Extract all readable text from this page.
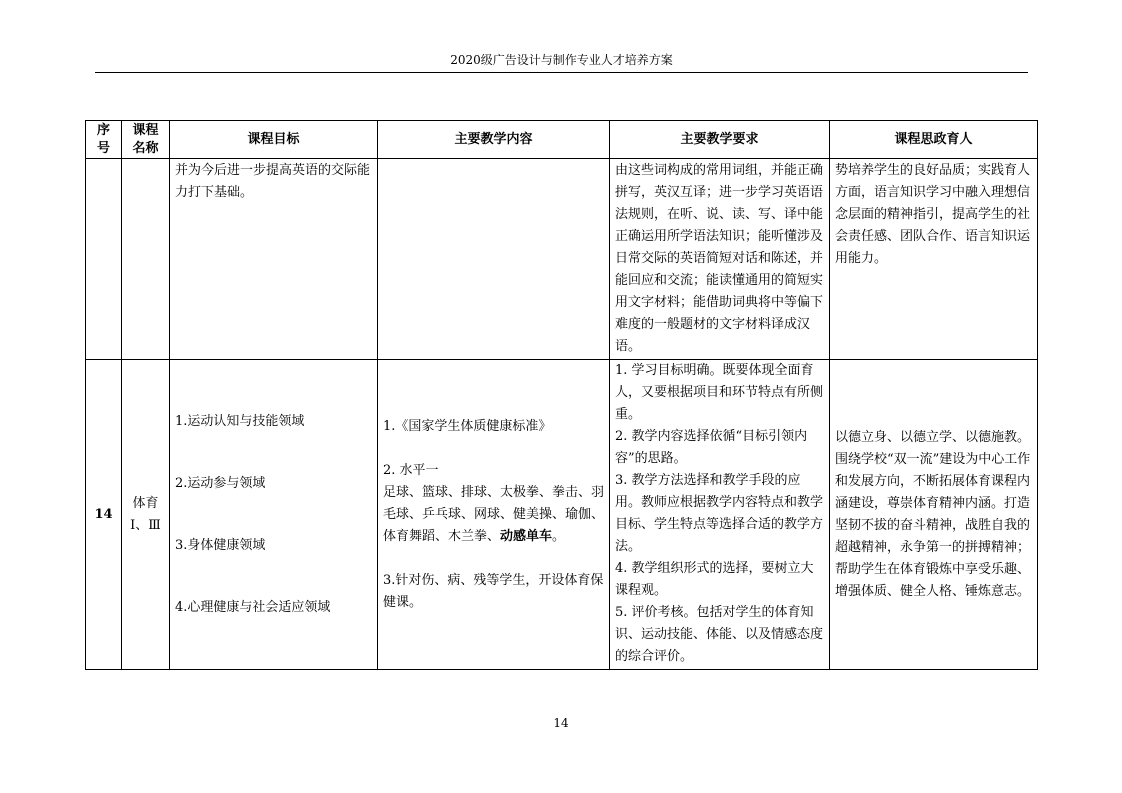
2020级广告设计与制作专业人才培养方案
序号	课程名称	课程目标	主要教学内容	主要教学要求	课程思政育人
		并为今后进一步提高英语的交际能力打下基础。		由这些词构成的常用词组，并能正确拼写，英汉互译；进一步学习英语语法规则，在听、说、读、写、译中能正确运用所学语法知识；能听懂涉及日常交际的英语简短对话和陈述，并能回应和交流；能读懂通用的简短实用文字材料；能借助词典将中等偏下难度的一般题材的文字材料译成汉语。	势培养学生的良好品质；实践育人方面，语言知识学习中融入理想信念层面的精神指引，提高学生的社会责任感、团队合作、语言知识运用能力。
14	体育Ⅰ、Ⅲ	1.运动认知与技能领域
2.运动参与领域
3.身体健康领域
4.心理健康与社会适应领域	1.《国家学生体质健康标准》
2. 水平一
足球、篮球、排球、太极拳、拳击、羽毛球、乒乓球、网球、健美操、瑜伽、体育舞蹈、木兰拳、动感单车。
3.针对伤、病、残等学生，开设体育保健课。	1. 学习目标明确。既要体现全面育人，又要根据项目和环节特点有所侧重。
2. 教学内容选择依循“目标引领内容”的思路。
3. 教学方法选择和教学手段的应用。教师应根据教学内容特点和教学目标、学生特点等选择合适的教学方法。
4. 教学组织形式的选择，要树立大课程观。
5. 评价考核。包括对学生的体育知识、运动技能、体能、以及情感态度的综合评价。	以德立身、以德立学、以德施教。围绕学校“双一流”建设为中心工作和发展方向，不断拓展体育课程内涵建设，尊崇体育精神内涵。打造坚韧不拔的奋斗精神，战胜自我的超越精神，永争第一的拼搏精神；帮助学生在体育锻炼中享受乐趣、增强体质、健全人格、锤炼意志。
14
